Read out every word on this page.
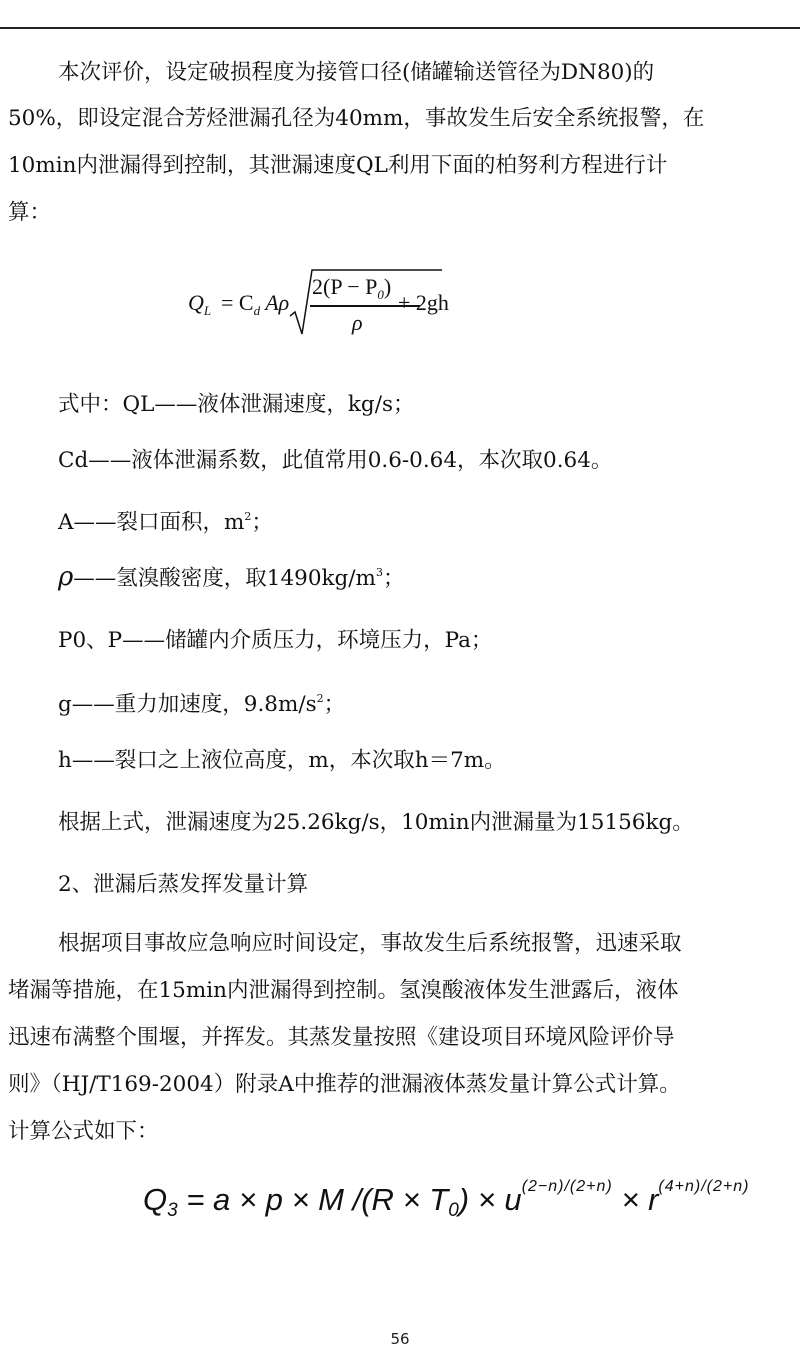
本次评价，设定破损程度为接管口径(储罐输送管径为DN80)的
50%，即设定混合芳烃泄漏孔径为40mm，事故发生后安全系统报警，在
10min内泄漏得到控制，其泄漏速度QL利用下面的柏努利方程进行计
算：
$Q_L = C_d$ Aρ
$2(P - P_0)$
ρ
+ 2gh
式中：QL——液体泄漏速度，kg/s；
Cd——液体泄漏系数，此值常用0.6-0.64，本次取0.64。
A——裂口面积，$m^2$；
ρ——氢溴酸密度，取$1490kg/m^3$；
P0、P——储罐内介质压力，环境压力，Pa；
g——重力加速度，$9.8m/s^2$；
h——裂口之上液位高度，m，本次取h＝7m。
根据上式，泄漏速度为25.26kg/s，10min内泄漏量为15156kg。
2、泄漏后蒸发挥发量计算
根据项目事故应急响应时间设定，事故发生后系统报警，迅速采取
堵漏等措施，在15min内泄漏得到控制。氢溴酸液体发生泄露后，液体
迅速布满整个围堰，并挥发。其蒸发量按照《建设项目环境风险评价导
则》（HJ/T169-2004）附录A中推荐的泄漏液体蒸发量计算公式计算。
计算公式如下：
$Q_3 = a \times p \times M$ $/(R \times T_0) \times u^{(2-n)/(2+n)} \times r^{(4+n)/(2+n)}$
56
